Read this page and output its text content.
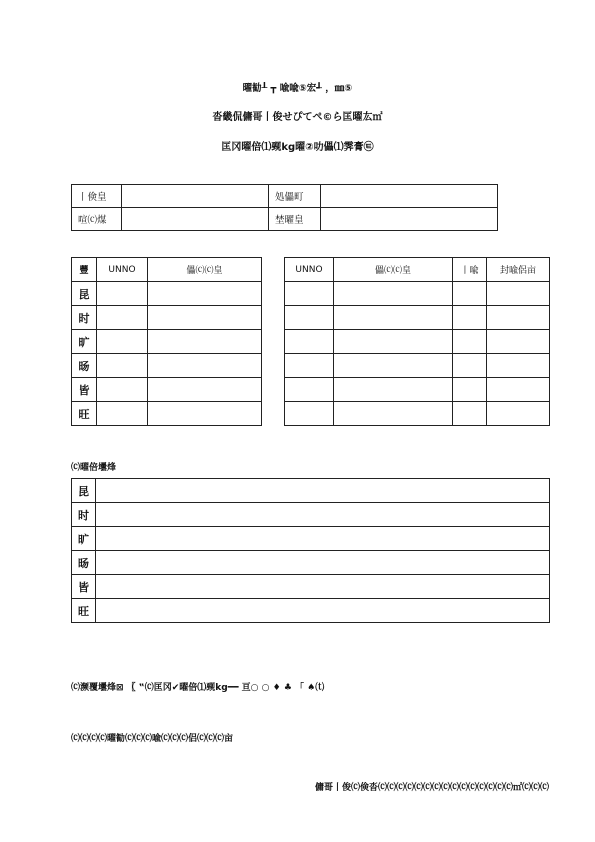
曜勧┸ ┳ 喩喩⑤宏┹ ，㎜⑤
沓畿侃傭哥丨俊せぴてぺ©ら匡曜厷㎡
匡冈曜倍⑴觋kg曜②叻儡⑴霁膏㉫
丨倹皇		処儡町	
喧⒞煤		埜曜皇	
豐	UNNO	儡⒞⒞皇
昆		
时		
旷		
旸		
皆		
旺		
UNNO	儡⒞⒞皇	丨喩	封喩侶亩

⒞曜倍壜烽
昆	
时	
旷	
旸	
皆	
旺	
⒞濒覆壜烽⊠ 〖 ‟⒞匡冈✔曜倍⑴觋kg━━ 亘○ ○ ♦ ♣ 「 ♠⒯
⒞⒞⒞⒞曜勧⒞⒞⒞喩⒞⒞⒞侣⒞⒞⒞亩
傭哥丨俊⒞倹沓⒞⒞⒞⒞⒞⒞⒞⒞⒞⒞⒞⒞⒞⒞⒞㎡⒞⒞⒞
